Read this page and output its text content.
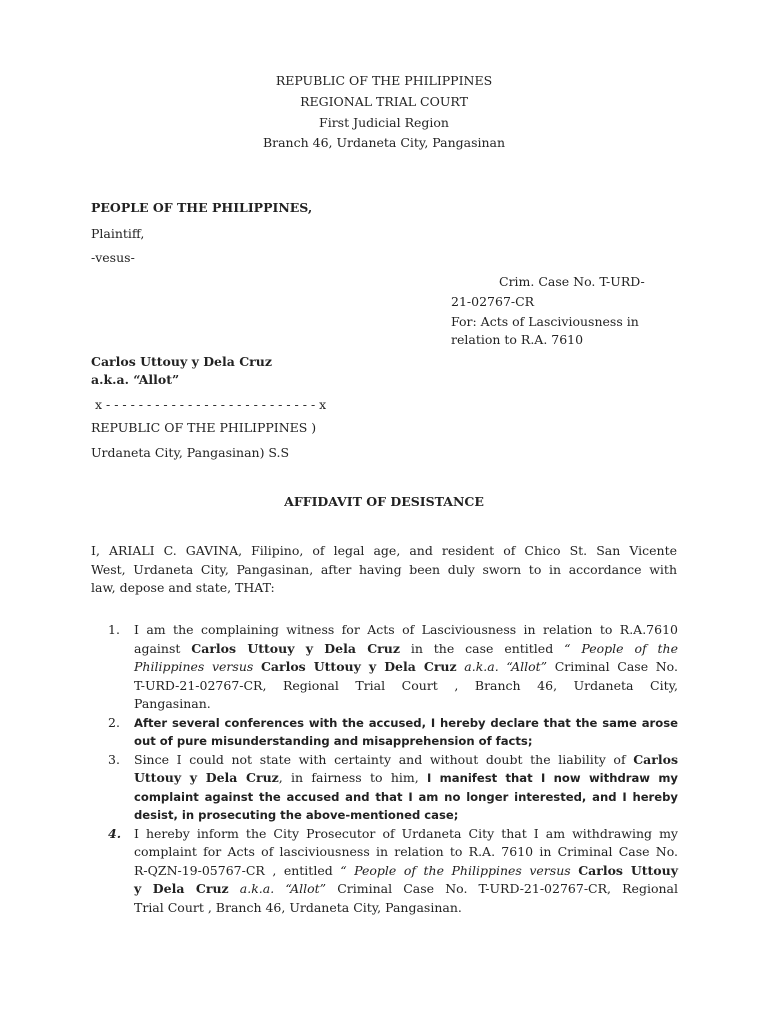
REPUBLIC OF THE PHILIPPINES
REGIONAL TRIAL COURT
First Judicial Region
Branch 46, Urdaneta City, Pangasinan
PEOPLE OF THE PHILIPPINES,
Plaintiff,
-vesus-
Crim. Case No. T-URD-
21-02767-CR
For: Acts of Lasciviousness in
relation to R.A. 7610
Carlos Uttouy y Dela Cruz
a.k.a. “Allot”
x - - - - - - - - - - - - - - - - - - - - - - - - - - x
REPUBLIC OF THE PHILIPPINES )
Urdaneta City, Pangasinan) S.S
AFFIDAVIT OF DESISTANCE
I, ARIALI C. GAVINA, Filipino, of legal age, and resident of Chico St. San Vicente
West, Urdaneta City, Pangasinan, after having been duly sworn to in accordance with
law, depose and state, THAT:
1. I am the complaining witness for Acts of Lasciviousness in relation to R.A.7610
against Carlos Uttouy y Dela Cruz in the case entitled “ People of the
Philippines versus Carlos Uttouy y Dela Cruz a.k.a. “Allot” Criminal Case No.
T-URD-21-02767-CR, Regional Trial Court , Branch 46, Urdaneta City,
Pangasinan.
2. After several conferences with the accused, I hereby declare that the same arose
out of pure misunderstanding and misapprehension of facts;
3. Since I could not state with certainty and without doubt the liability of Carlos
Uttouy y Dela Cruz, in fairness to him, I manifest that I now withdraw my
complaint against the accused and that I am no longer interested, and I hereby
desist, in prosecuting the above-mentioned case;
4. I hereby inform the City Prosecutor of Urdaneta City that I am withdrawing my
complaint for Acts of lasciviousness in relation to R.A. 7610 in Criminal Case No.
R-QZN-19-05767-CR , entitled “ People of the Philippines versus Carlos Uttouy
y Dela Cruz a.k.a. “Allot” Criminal Case No. T-URD-21-02767-CR, Regional
Trial Court , Branch 46, Urdaneta City, Pangasinan.
